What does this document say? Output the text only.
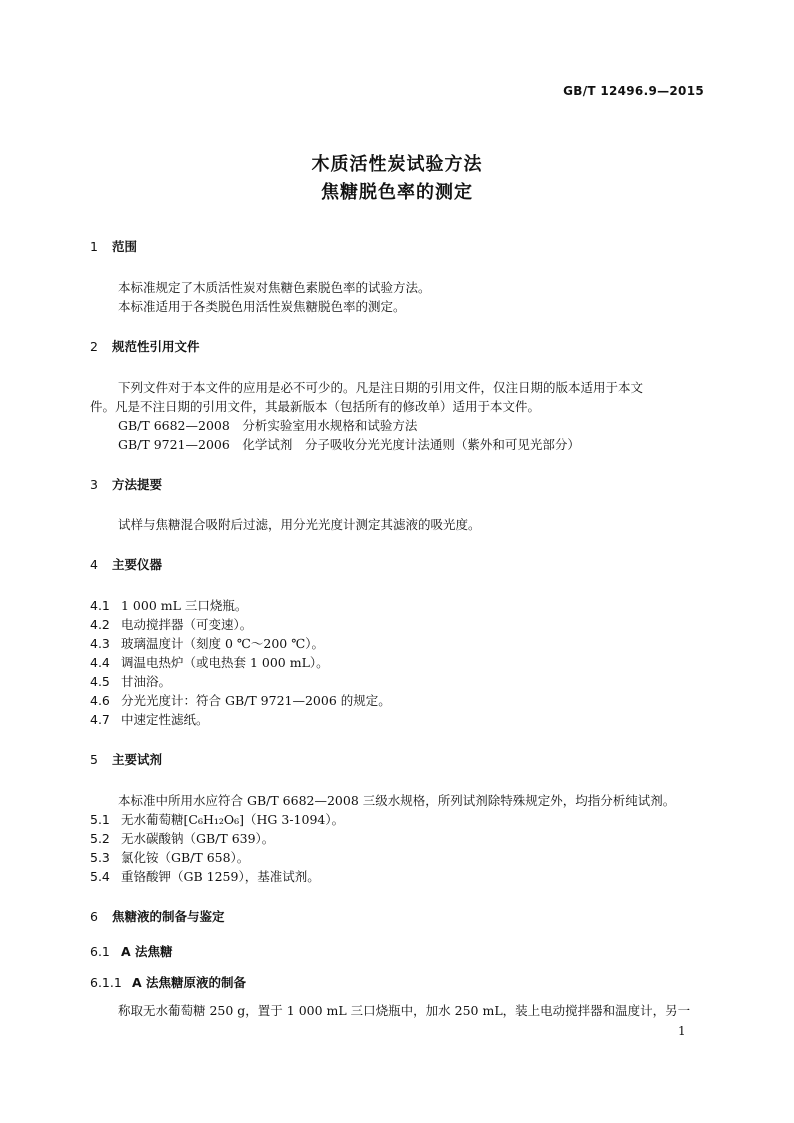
GB/T 12496.9—2015
木质活性炭试验方法
焦糖脱色率的测定
1 范围
本标准规定了木质活性炭对焦糖色素脱色率的试验方法。
本标准适用于各类脱色用活性炭焦糖脱色率的测定。
2 规范性引用文件
下列文件对于本文件的应用是必不可少的。凡是注日期的引用文件，仅注日期的版本适用于本文
件。凡是不注日期的引用文件，其最新版本（包括所有的修改单）适用于本文件。
GB/T 6682—2008　分析实验室用水规格和试验方法
GB/T 9721—2006　化学试剂　分子吸收分光光度计法通则（紫外和可见光部分）
3 方法提要
试样与焦糖混合吸附后过滤，用分光光度计测定其滤液的吸光度。
4 主要仪器
4.1 1 000 mL 三口烧瓶。
4.2 电动搅拌器（可变速）。
4.3 玻璃温度计（刻度 0 ℃～200 ℃）。
4.4 调温电热炉（或电热套 1 000 mL）。
4.5 甘油浴。
4.6 分光光度计：符合 GB/T 9721—2006 的规定。
4.7 中速定性滤纸。
5 主要试剂
本标准中所用水应符合 GB/T 6682—2008 三级水规格，所列试剂除特殊规定外，均指分析纯试剂。
5.1 无水葡萄糖[C₆H₁₂O₆]（HG 3-1094）。
5.2 无水碳酸钠（GB/T 639）。
5.3 氯化铵（GB/T 658）。
5.4 重铬酸钾（GB 1259），基准试剂。
6 焦糖液的制备与鉴定
6.1 A 法焦糖
6.1.1 A 法焦糖原液的制备
称取无水葡萄糖 250 g，置于 1 000 mL 三口烧瓶中，加水 250 mL，装上电动搅拌器和温度计，另一
1
